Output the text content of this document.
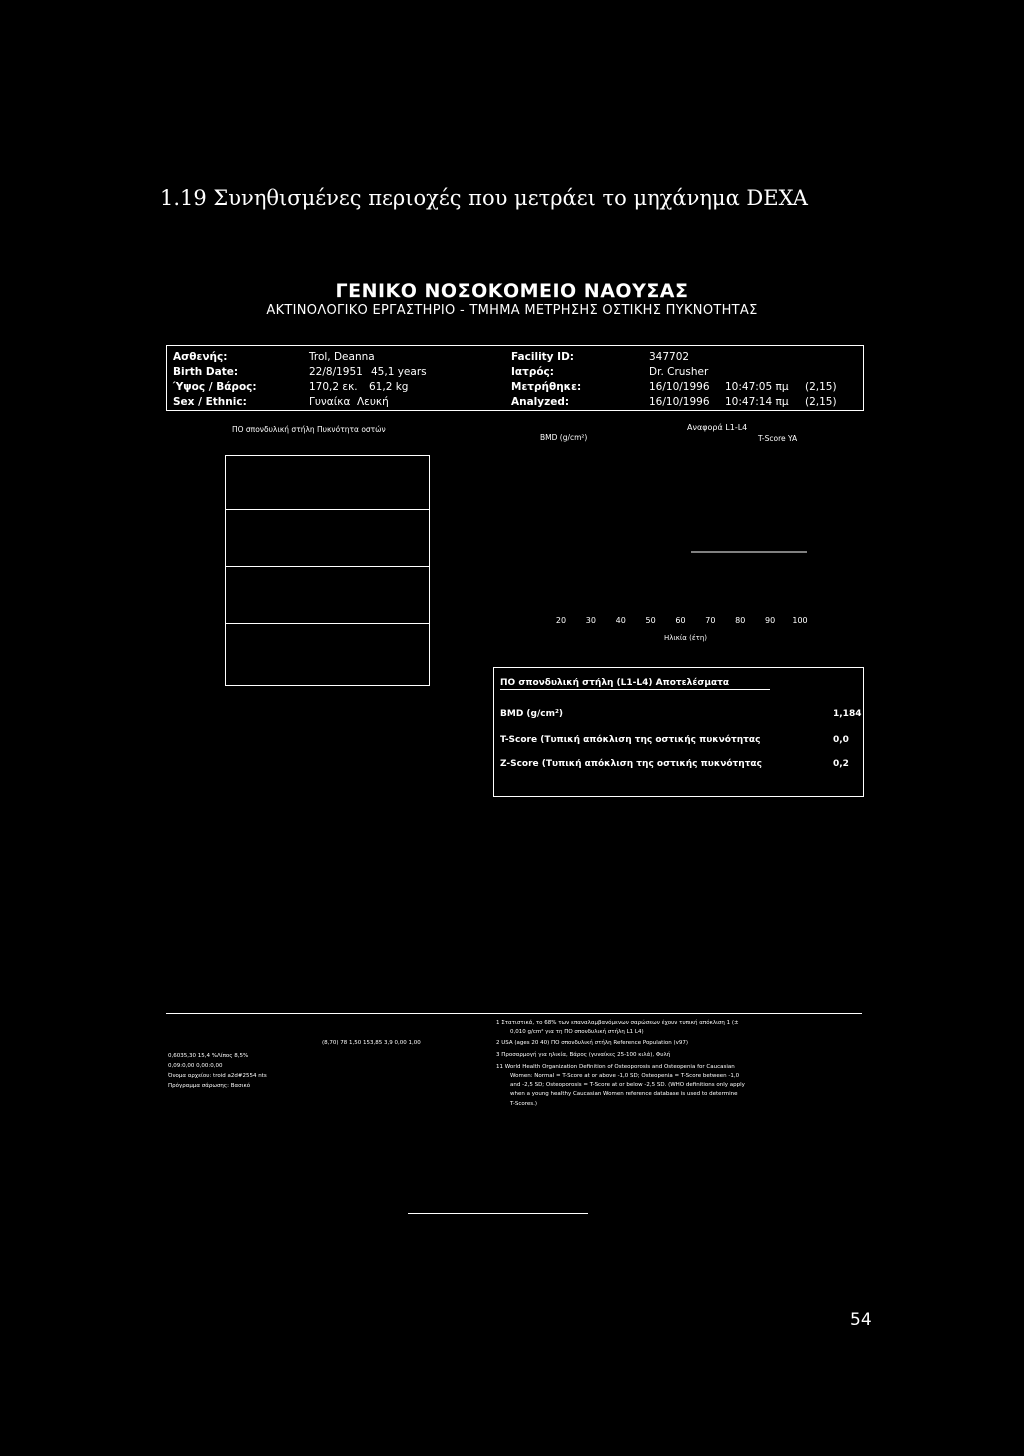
1.19 Συνηθισμένες περιοχές που μετράει το μηχάνημα DEXA
ΓΕΝΙΚΟ ΝΟΣΟΚΟΜΕΙΟ ΝΑΟΥΣΑΣ
ΑΚΤΙΝΟΛΟΓΙΚΟ ΕΡΓΑΣΤΗΡΙΟ - ΤΜΗΜΑ ΜΕΤΡΗΣΗΣ ΟΣΤΙΚΗΣ ΠΥΚΝΟΤΗΤΑΣ
Ασθενής:	Trol, Deanna	Facility ID:	347702
Birth Date:	22/8/1951 45,1 years	Ιατρός:	Dr. Crusher
Ύψος / Βάρος:	170,2 εκ. 61,2 kg	Μετρήθηκε:	16/10/1996 10:47:05 πμ (2,15)
Sex / Ethnic:	Γυναίκα Λευκή	Analyzed:	16/10/1996 10:47:14 πμ (2,15)
ΠΟ σπονδυλική στήλη Πυκνότητα οστών	Αναφορά L1-L4
BMD (g/cm²)	T-Score YA
20 30 40 50 60 70 80 90 100
Ηλικία (έτη)
ΠΟ σπονδυλική στήλη (L1-L4) Αποτελέσματα
BMD (g/cm²)	1,184
T-Score (Τυπική απόκλιση της οστικής πυκνότητας	0,0
Z-Score (Τυπική απόκλιση της οστικής πυκνότητας	0,2
(8,70) 78 1,50 153,85 3,9 0,00 1,00
0,6035,30 15,4 %Λίπος 8,5%
0,09:0,00 0,00:0,00
Όνομα αρχείου: troid a2d#2554 nts
Πρόγραμμα σάρωσης: Βασικό
1 Στατιστικά, το 68% των επαναλαμβανόμενων σαρώσεων έχουν τυπική απόκλιση 1 (±
0,010 g/cm² για τη ΠΟ σπονδυλική στήλη L1 L4)
2 USA (ages 20 40) ΠΟ σπονδυλική στήλη Reference Population (v97)
3 Προσαρμογή για ηλικία, Βάρος (γυναίκες 25-100 κιλά), Φυλή
11 World Health Organization Definition of Osteoporosis and Osteopenia for Caucasian
Women: Normal = T-Score at or above -1,0 SD; Osteopenia = T-Score between -1,0
and -2,5 SD; Osteoporosis = T-Score at or below -2,5 SD. (WHO definitions only apply
when a young healthy Caucasian Women reference database is used to determine
T-Scores.)
54
